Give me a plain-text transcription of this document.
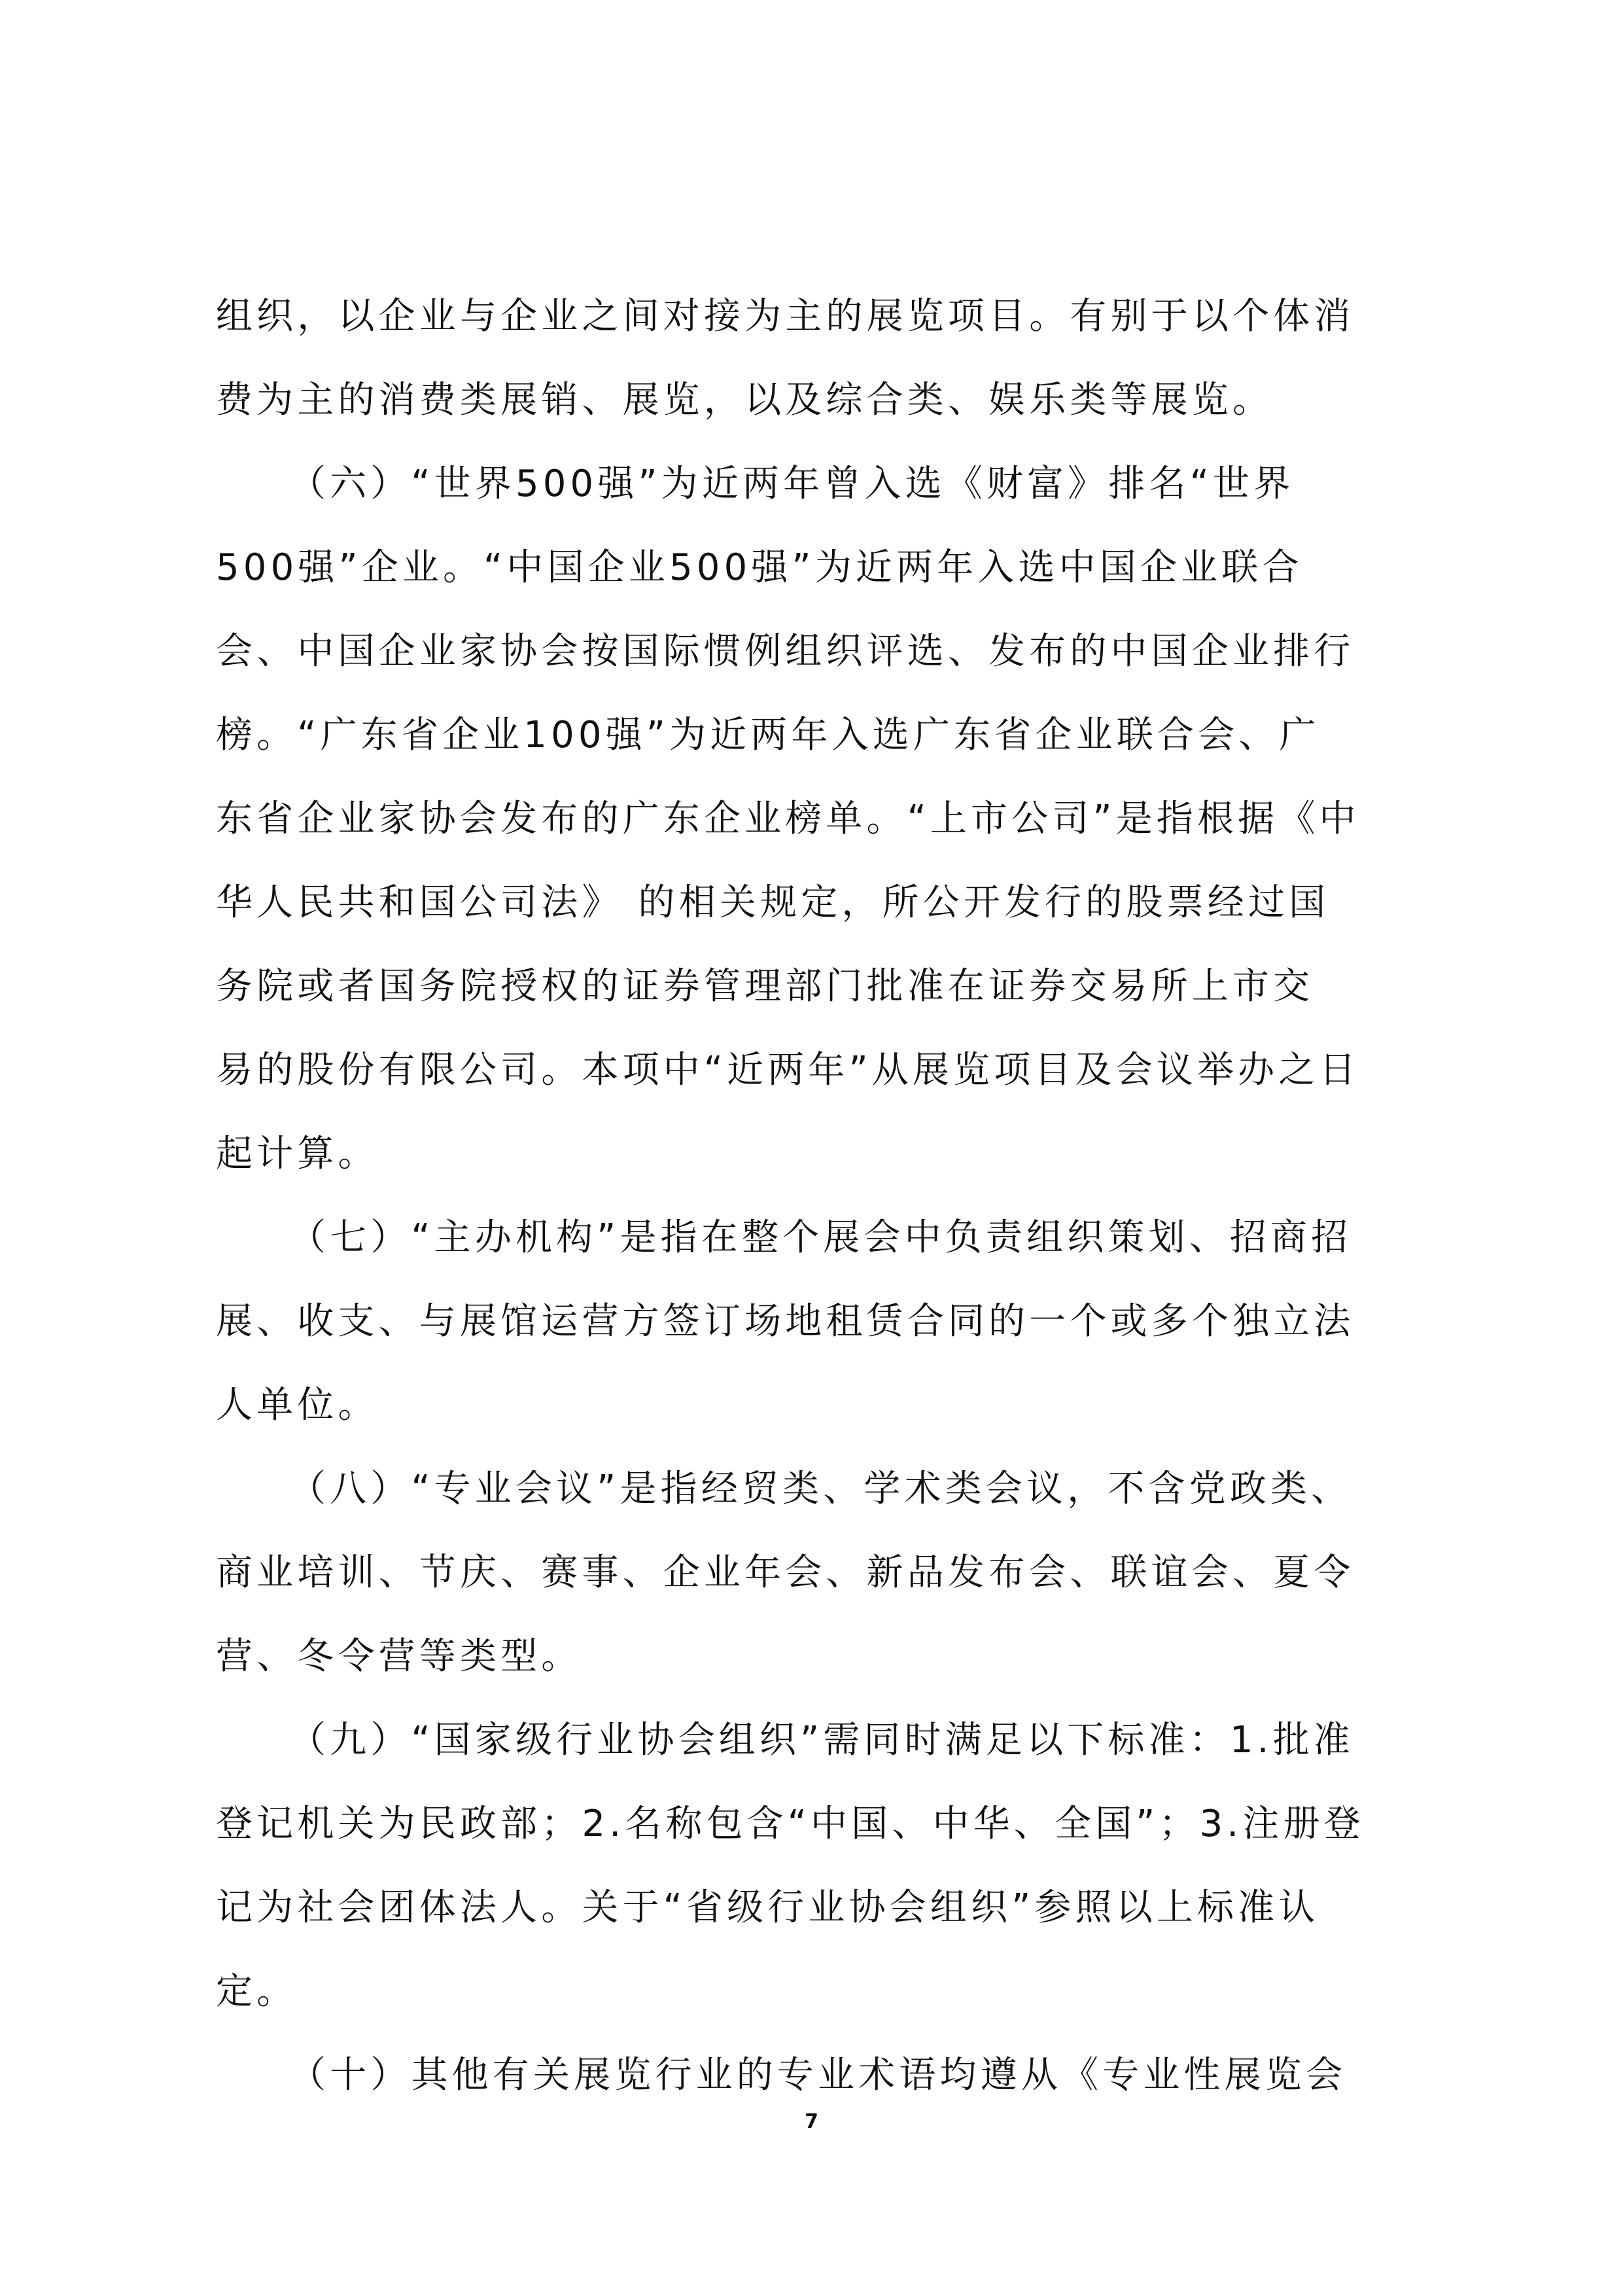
组织，以企业与企业之间对接为主的展览项目。有别于以个体消
费为主的消费类展销、展览，以及综合类、娱乐类等展览。

（六）“世界500强”为近两年曾入选《财富》排名“世界
500强”企业。“中国企业500强”为近两年入选中国企业联合
会、中国企业家协会按国际惯例组织评选、发布的中国企业排行
榜。“广东省企业100强”为近两年入选广东省企业联合会、广
东省企业家协会发布的广东企业榜单。“上市公司”是指根据《中
华人民共和国公司法》 的相关规定，所公开发行的股票经过国
务院或者国务院授权的证券管理部门批准在证券交易所上市交
易的股份有限公司。本项中“近两年”从展览项目及会议举办之日
起计算。

（七）“主办机构”是指在整个展会中负责组织策划、招商招
展、收支、与展馆运营方签订场地租赁合同的一个或多个独立法
人单位。

（八）“专业会议”是指经贸类、学术类会议，不含党政类、
商业培训、节庆、赛事、企业年会、新品发布会、联谊会、夏令
营、冬令营等类型。

（九）“国家级行业协会组织”需同时满足以下标准：1.批准
登记机关为民政部；2.名称包含“中国、中华、全国”；3.注册登
记为社会团体法人。关于“省级行业协会组织”参照以上标准认
定。

（十）其他有关展览行业的专业术语均遵从《专业性展览会

7
